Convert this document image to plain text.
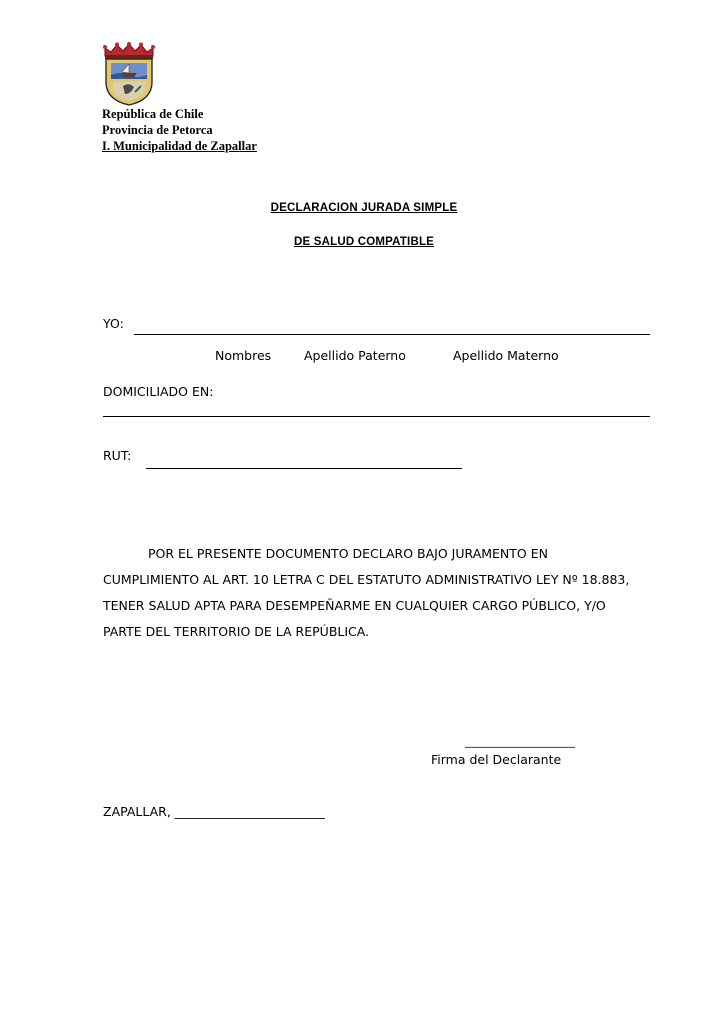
República de Chile
Provincia de Petorca
I. Municipalidad de Zapallar
DECLARACION JURADA SIMPLE
DE SALUD COMPATIBLE
YO:
Nombres	Apellido Paterno	Apellido Materno
DOMICILIADO EN:
RUT:
POR EL PRESENTE DOCUMENTO DECLARO BAJO JURAMENTO EN
CUMPLIMIENTO AL ART. 10 LETRA C DEL ESTATUTO ADMINISTRATIVO LEY Nº 18.883,
TENER SALUD APTA PARA DESEMPEÑARME EN CUALQUIER CARGO PÚBLICO, Y/O
PARTE DEL TERRITORIO DE LA REPÚBLICA.
____________________
Firma del Declarante
ZAPALLAR, ________________________
